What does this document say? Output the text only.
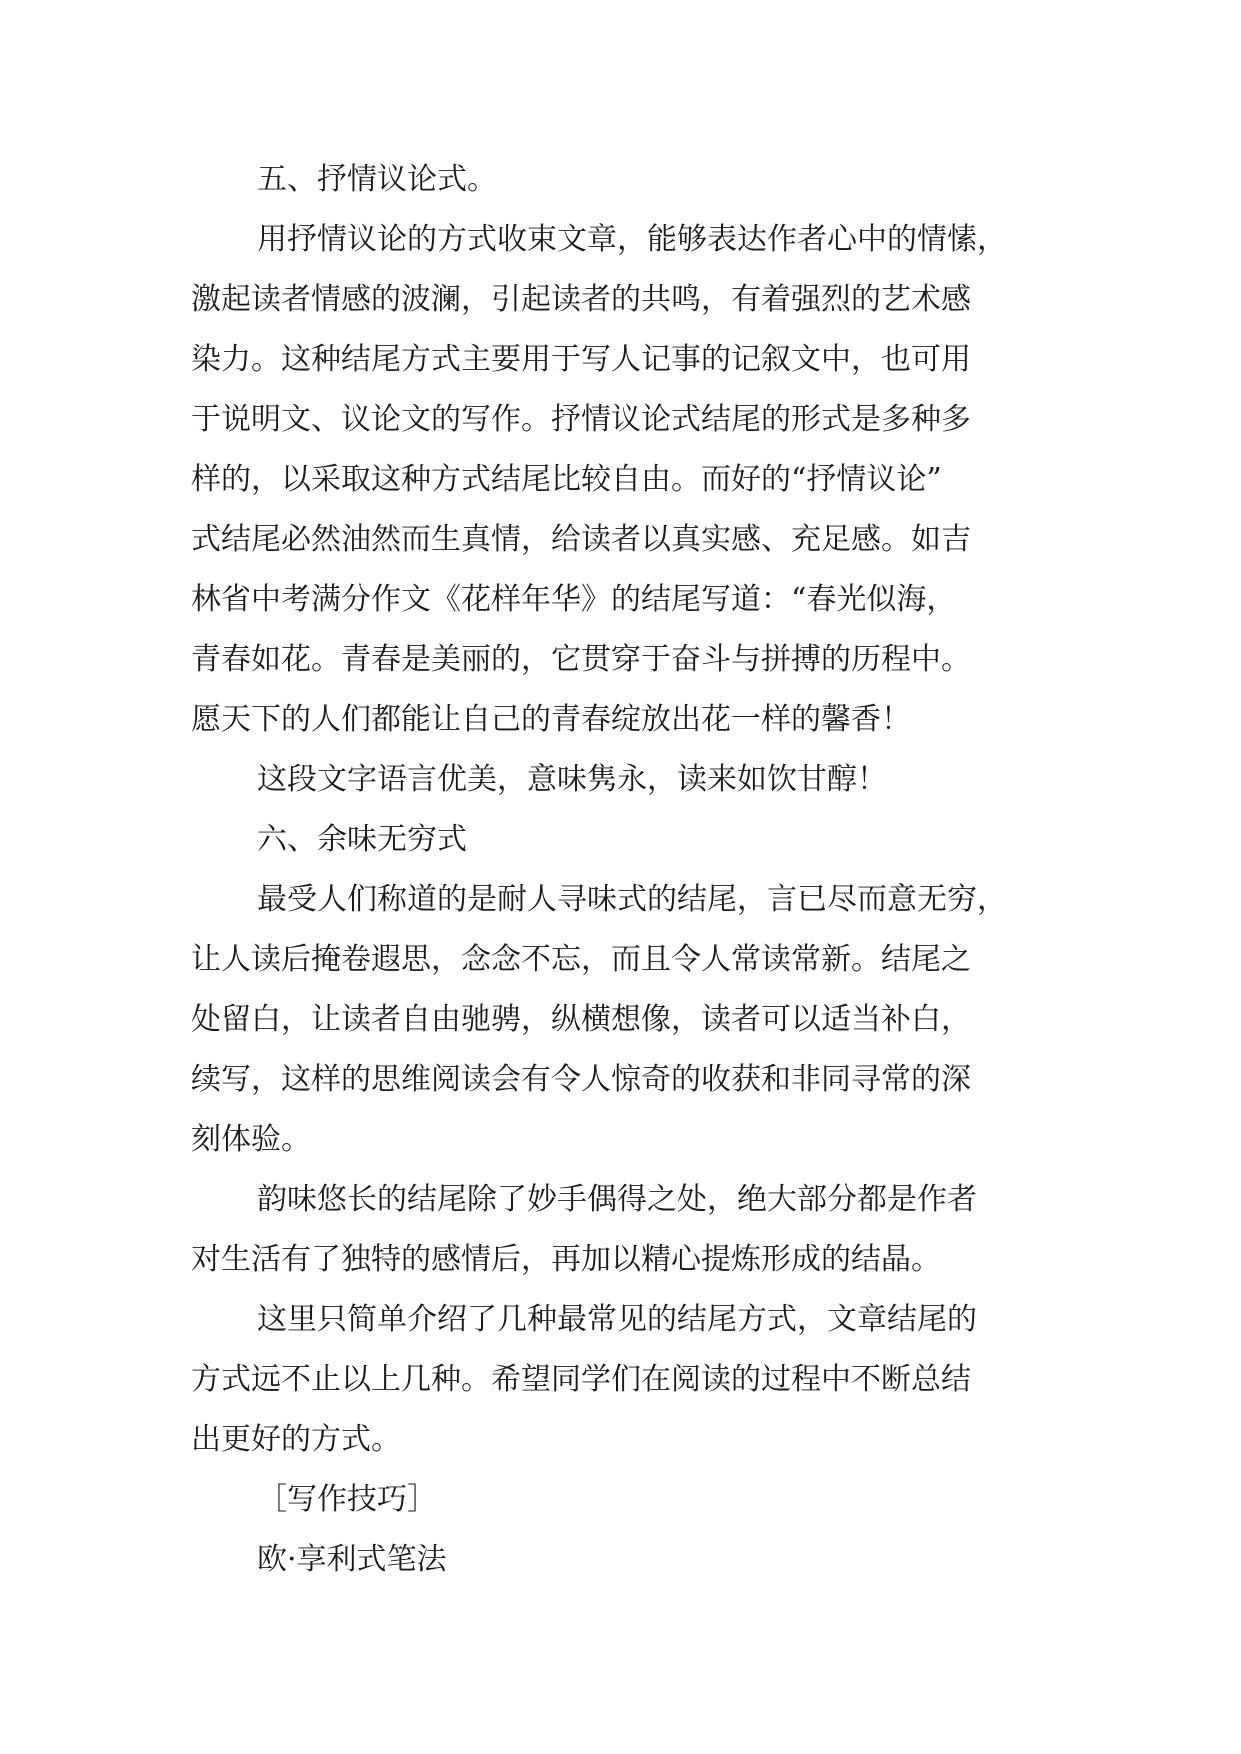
五、抒情议论式。
用抒情议论的方式收束文章，能够表达作者心中的情愫，
激起读者情感的波澜，引起读者的共鸣，有着强烈的艺术感
染力。这种结尾方式主要用于写人记事的记叙文中，也可用
于说明文、议论文的写作。抒情议论式结尾的形式是多种多
样的，以采取这种方式结尾比较自由。而好的“抒情议论”
式结尾必然油然而生真情，给读者以真实感、充足感。如吉
林省中考满分作文《花样年华》的结尾写道：“春光似海，
青春如花。青春是美丽的，它贯穿于奋斗与拼搏的历程中。
愿天下的人们都能让自己的青春绽放出花一样的馨香！
这段文字语言优美，意味隽永，读来如饮甘醇！
六、余味无穷式
最受人们称道的是耐人寻味式的结尾，言已尽而意无穷，
让人读后掩卷遐思，念念不忘，而且令人常读常新。结尾之
处留白，让读者自由驰骋，纵横想像，读者可以适当补白，
续写，这样的思维阅读会有令人惊奇的收获和非同寻常的深
刻体验。
韵味悠长的结尾除了妙手偶得之处，绝大部分都是作者
对生活有了独特的感情后，再加以精心提炼形成的结晶。
这里只简单介绍了几种最常见的结尾方式，文章结尾的
方式远不止以上几种。希望同学们在阅读的过程中不断总结
出更好的方式。
［写作技巧］
欧·享利式笔法
